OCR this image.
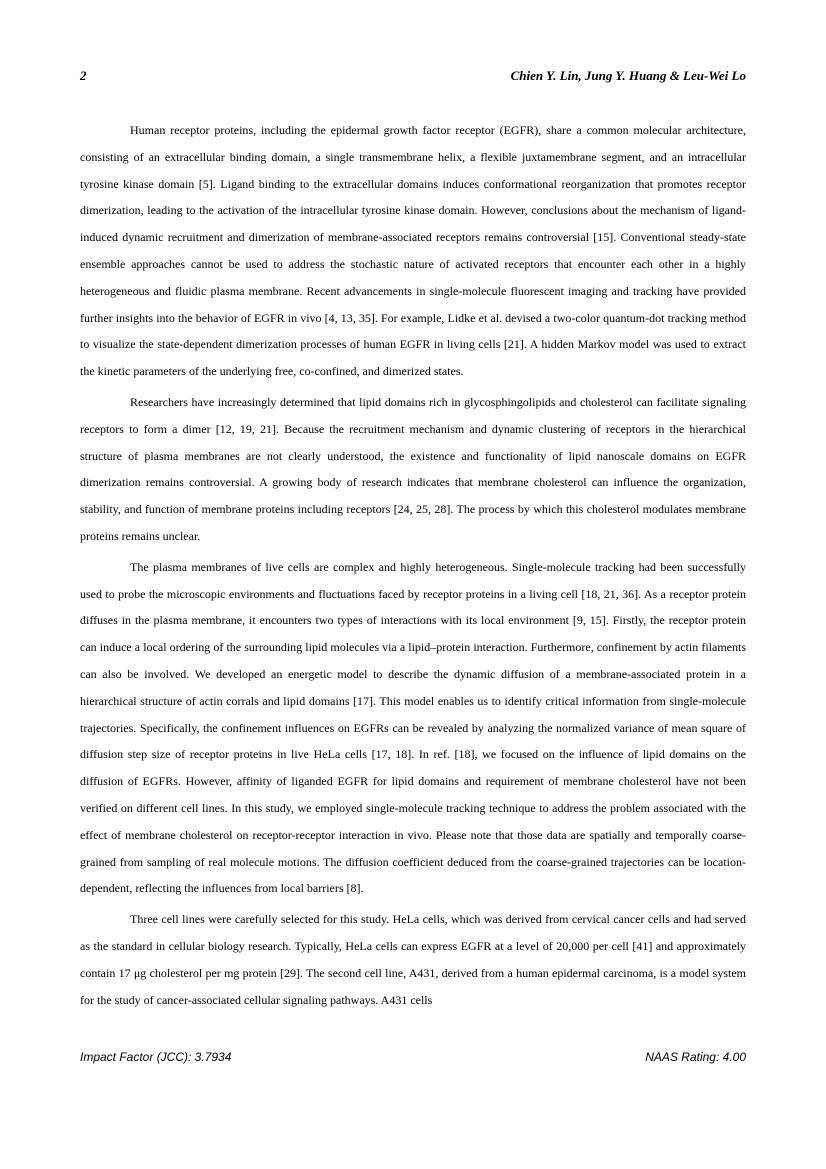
2	Chien Y. Lin, Jung Y. Huang & Leu-Wei Lo

Human receptor proteins, including the epidermal growth factor receptor (EGFR), share a common molecular architecture, consisting of an extracellular binding domain, a single transmembrane helix, a flexible juxtamembrane segment, and an intracellular tyrosine kinase domain [5]. Ligand binding to the extracellular domains induces conformational reorganization that promotes receptor dimerization, leading to the activation of the intracellular tyrosine kinase domain. However, conclusions about the mechanism of ligand-induced dynamic recruitment and dimerization of membrane-associated receptors remains controversial [15]. Conventional steady-state ensemble approaches cannot be used to address the stochastic nature of activated receptors that encounter each other in a highly heterogeneous and fluidic plasma membrane. Recent advancements in single-molecule fluorescent imaging and tracking have provided further insights into the behavior of EGFR in vivo [4, 13, 35]. For example, Lidke et al. devised a two-color quantum-dot tracking method to visualize the state-dependent dimerization processes of human EGFR in living cells [21]. A hidden Markov model was used to extract the kinetic parameters of the underlying free, co-confined, and dimerized states.

Researchers have increasingly determined that lipid domains rich in glycosphingolipids and cholesterol can facilitate signaling receptors to form a dimer [12, 19, 21]. Because the recruitment mechanism and dynamic clustering of receptors in the hierarchical structure of plasma membranes are not clearly understood, the existence and functionality of lipid nanoscale domains on EGFR dimerization remains controversial. A growing body of research indicates that membrane cholesterol can influence the organization, stability, and function of membrane proteins including receptors [24, 25, 28]. The process by which this cholesterol modulates membrane proteins remains unclear.

The plasma membranes of live cells are complex and highly heterogeneous. Single-molecule tracking had been successfully used to probe the microscopic environments and fluctuations faced by receptor proteins in a living cell [18, 21, 36]. As a receptor protein diffuses in the plasma membrane, it encounters two types of interactions with its local environment [9, 15]. Firstly, the receptor protein can induce a local ordering of the surrounding lipid molecules via a lipid–protein interaction. Furthermore, confinement by actin filaments can also be involved. We developed an energetic model to describe the dynamic diffusion of a membrane-associated protein in a hierarchical structure of actin corrals and lipid domains [17]. This model enables us to identify critical information from single-molecule trajectories. Specifically, the confinement influences on EGFRs can be revealed by analyzing the normalized variance of mean square of diffusion step size of receptor proteins in live HeLa cells [17, 18]. In ref. [18], we focused on the influence of lipid domains on the diffusion of EGFRs. However, affinity of liganded EGFR for lipid domains and requirement of membrane cholesterol have not been verified on different cell lines. In this study, we employed single-molecule tracking technique to address the problem associated with the effect of membrane cholesterol on receptor-receptor interaction in vivo. Please note that those data are spatially and temporally coarse-grained from sampling of real molecule motions. The diffusion coefficient deduced from the coarse-grained trajectories can be location-dependent, reflecting the influences from local barriers [8].

Three cell lines were carefully selected for this study. HeLa cells, which was derived from cervical cancer cells and had served as the standard in cellular biology research. Typically, HeLa cells can express EGFR at a level of 20,000 per cell [41] and approximately contain 17 μg cholesterol per mg protein [29]. The second cell line, A431, derived from a human epidermal carcinoma, is a model system for the study of cancer-associated cellular signaling pathways. A431 cells

Impact Factor (JCC): 3.7934	NAAS Rating: 4.00
